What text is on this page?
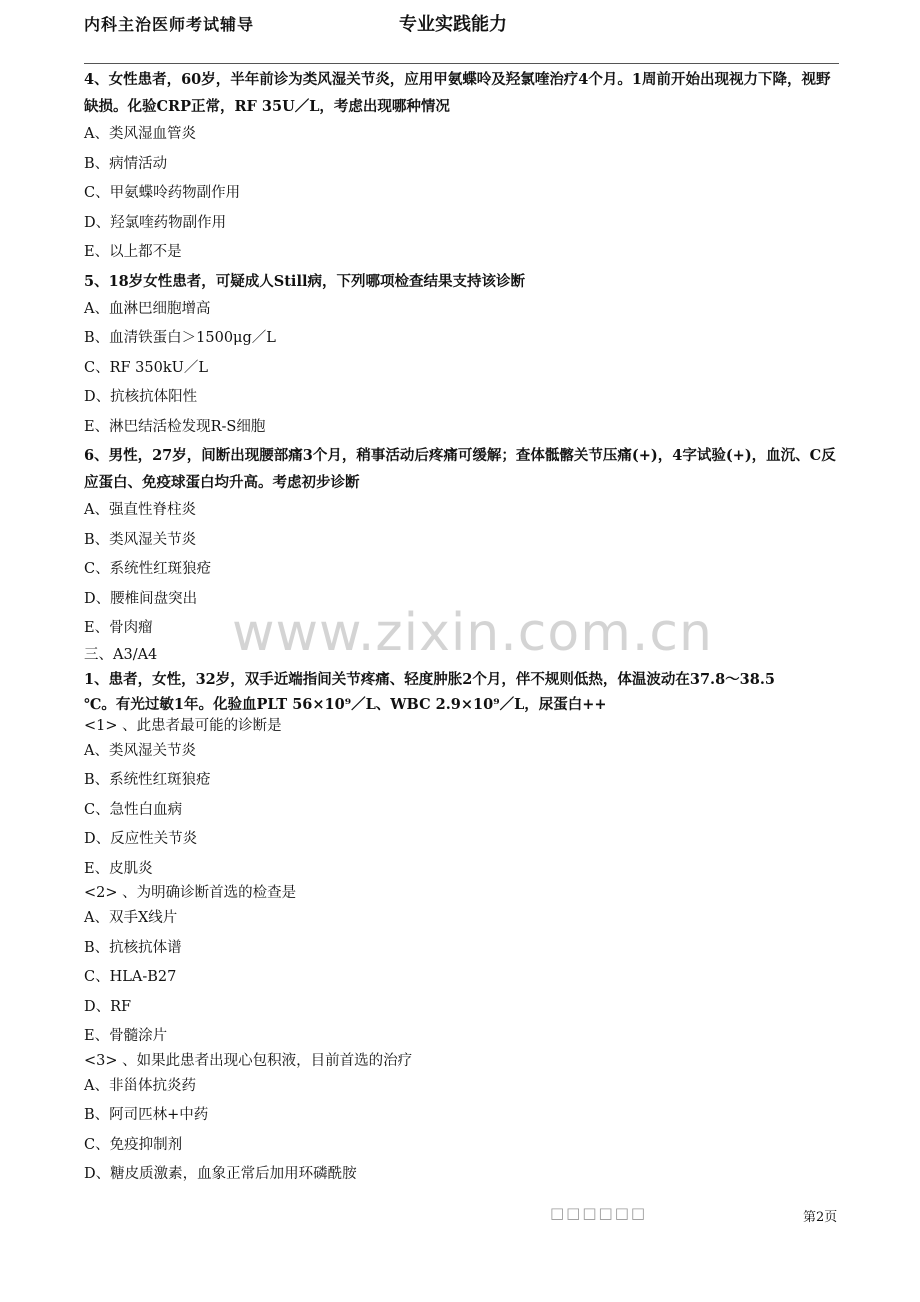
内科主治医师考试辅导	专业实践能力
4、女性患者，60岁，半年前诊为类风湿关节炎，应用甲氨蝶呤及羟氯喹治疗4个月。1周前开始出现视力下降，视野缺损。化验CRP正常，RF 35U／L，考虑出现哪种情况
A、类风湿血管炎
B、病情活动
C、甲氨蝶呤药物副作用
D、羟氯喹药物副作用
E、以上都不是
5、18岁女性患者，可疑成人Still病，下列哪项检查结果支持该诊断
A、血淋巴细胞增高
B、血清铁蛋白＞1500μg／L
C、RF 350kU／L
D、抗核抗体阳性
E、淋巴结活检发现R-S细胞
6、男性，27岁，间断出现腰部痛3个月，稍事活动后疼痛可缓解；查体骶髂关节压痛(+)，4字试验(+)，血沉、C反应蛋白、免疫球蛋白均升高。考虑初步诊断
A、强直性脊柱炎
B、类风湿关节炎
C、系统性红斑狼疮
D、腰椎间盘突出
E、骨肉瘤
三、A3/A4
1、患者，女性，32岁，双手近端指间关节疼痛、轻度肿胀2个月，伴不规则低热，体温波动在37.8～38.5
℃。有光过敏1年。化验血PLT 56×10⁹／L、WBC 2.9×10⁹／L，尿蛋白++
<1> 、此患者最可能的诊断是
A、类风湿关节炎
B、系统性红斑狼疮
C、急性白血病
D、反应性关节炎
E、皮肌炎
<2> 、为明确诊断首选的检查是
A、双手X线片
B、抗核抗体谱
C、HLA-B27
D、RF
E、骨髓涂片
<3> 、如果此患者出现心包积液，目前首选的治疗
A、非甾体抗炎药
B、阿司匹林+中药
C、免疫抑制剂
D、糖皮质激素，血象正常后加用环磷酰胺
www.zixin.com.cn
□□□□□□	第2页
